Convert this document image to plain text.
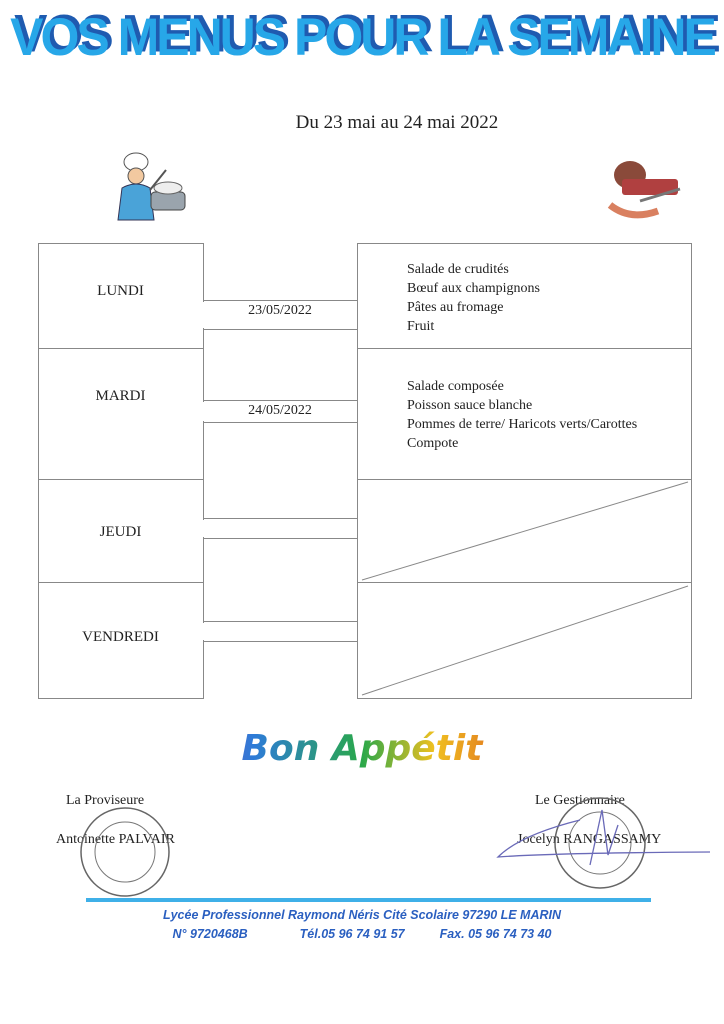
VOS MENUS POUR LA SEMAINE
Du 23 mai au 24 mai 2022
LUNDI
MARDI
JEUDI
VENDREDI
23/05/2022
24/05/2022
Salade de crudités
Bœuf aux champignons
Pâtes au fromage
Fruit
Salade composée
Poisson sauce blanche
Pommes de terre/ Haricots verts/Carottes
Compote
Bon Appétit
La Proviseure
Antoinette PALVAIR
Le Gestionnaire
Jocelyn RANGASSAMY
Lycée Professionnel Raymond Néris Cité Scolaire 97290 LE MARIN
N° 9720468B	Tél.05 96 74 91 57	Fax. 05 96 74 73 40
